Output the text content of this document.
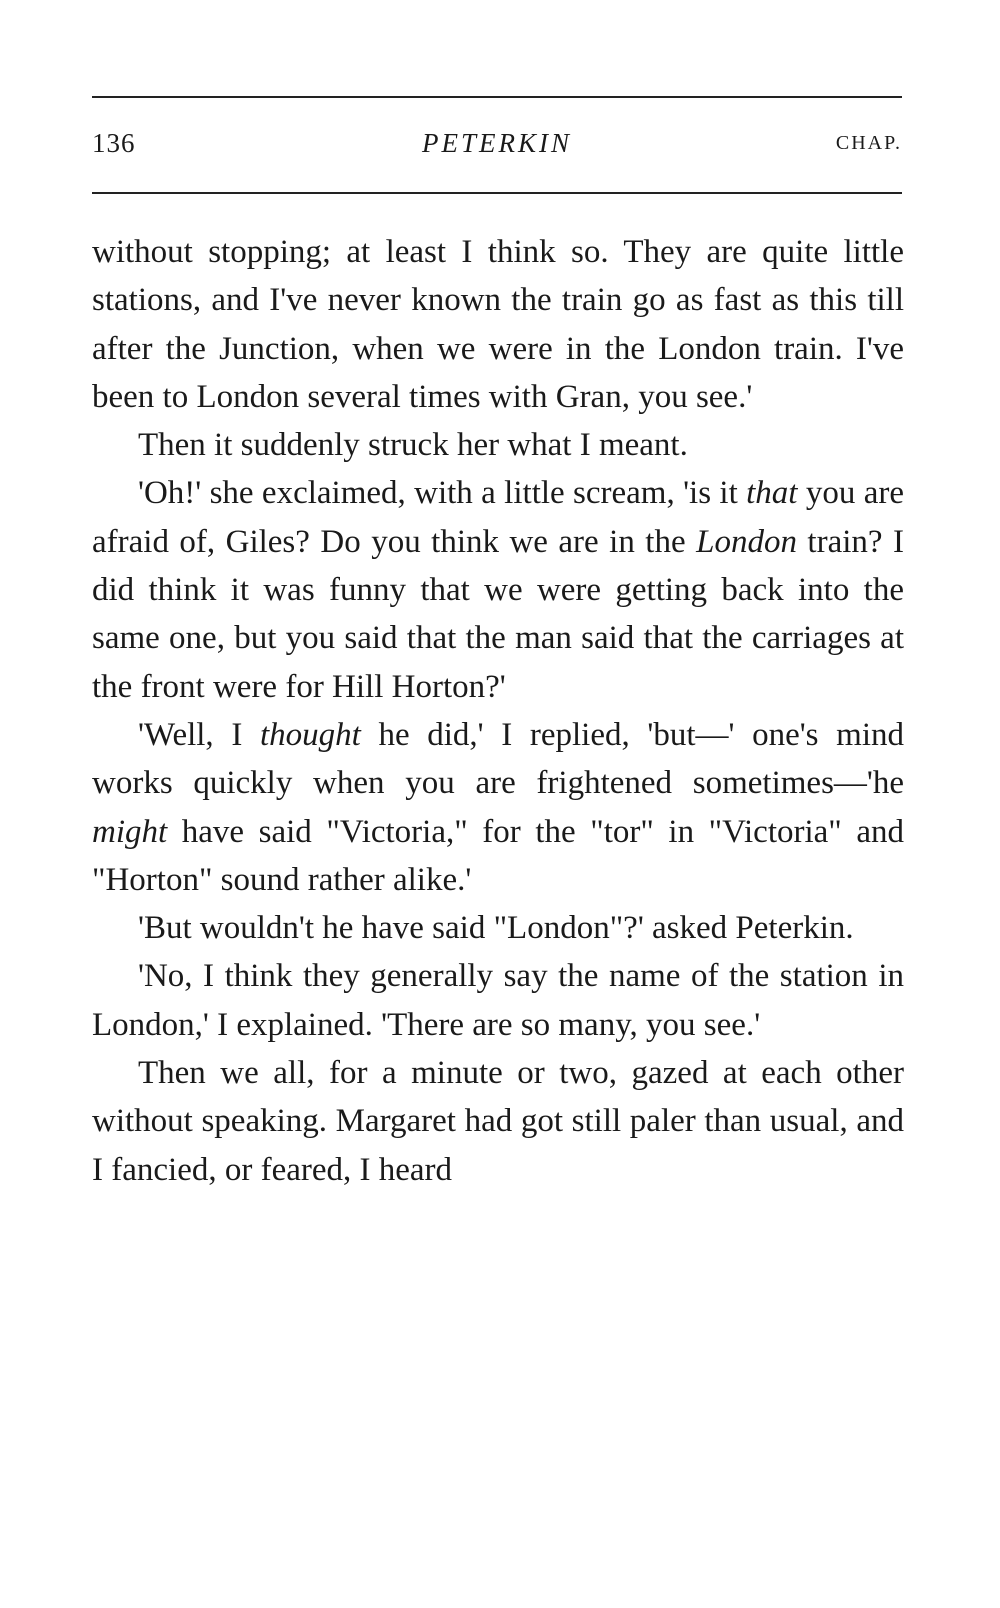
136	PETERKIN	CHAP.

without stopping; at least I think so. They are quite little stations, and I've never known the train go as fast as this till after the Junction, when we were in the London train. I've been to London several times with Gran, you see.'

Then it suddenly struck her what I meant.

'Oh!' she exclaimed, with a little scream, 'is it that you are afraid of, Giles? Do you think we are in the London train? I did think it was funny that we were getting back into the same one, but you said that the man said that the carriages at the front were for Hill Horton?'

'Well, I thought he did,' I replied, 'but—' one's mind works quickly when you are frightened sometimes—'he might have said "Victoria," for the "tor" in "Victoria" and "Horton" sound rather alike.'

'But wouldn't he have said "London"?' asked Peterkin.

'No, I think they generally say the name of the station in London,' I explained. 'There are so many, you see.'

Then we all, for a minute or two, gazed at each other without speaking. Margaret had got still paler than usual, and I fancied, or feared, I heard
